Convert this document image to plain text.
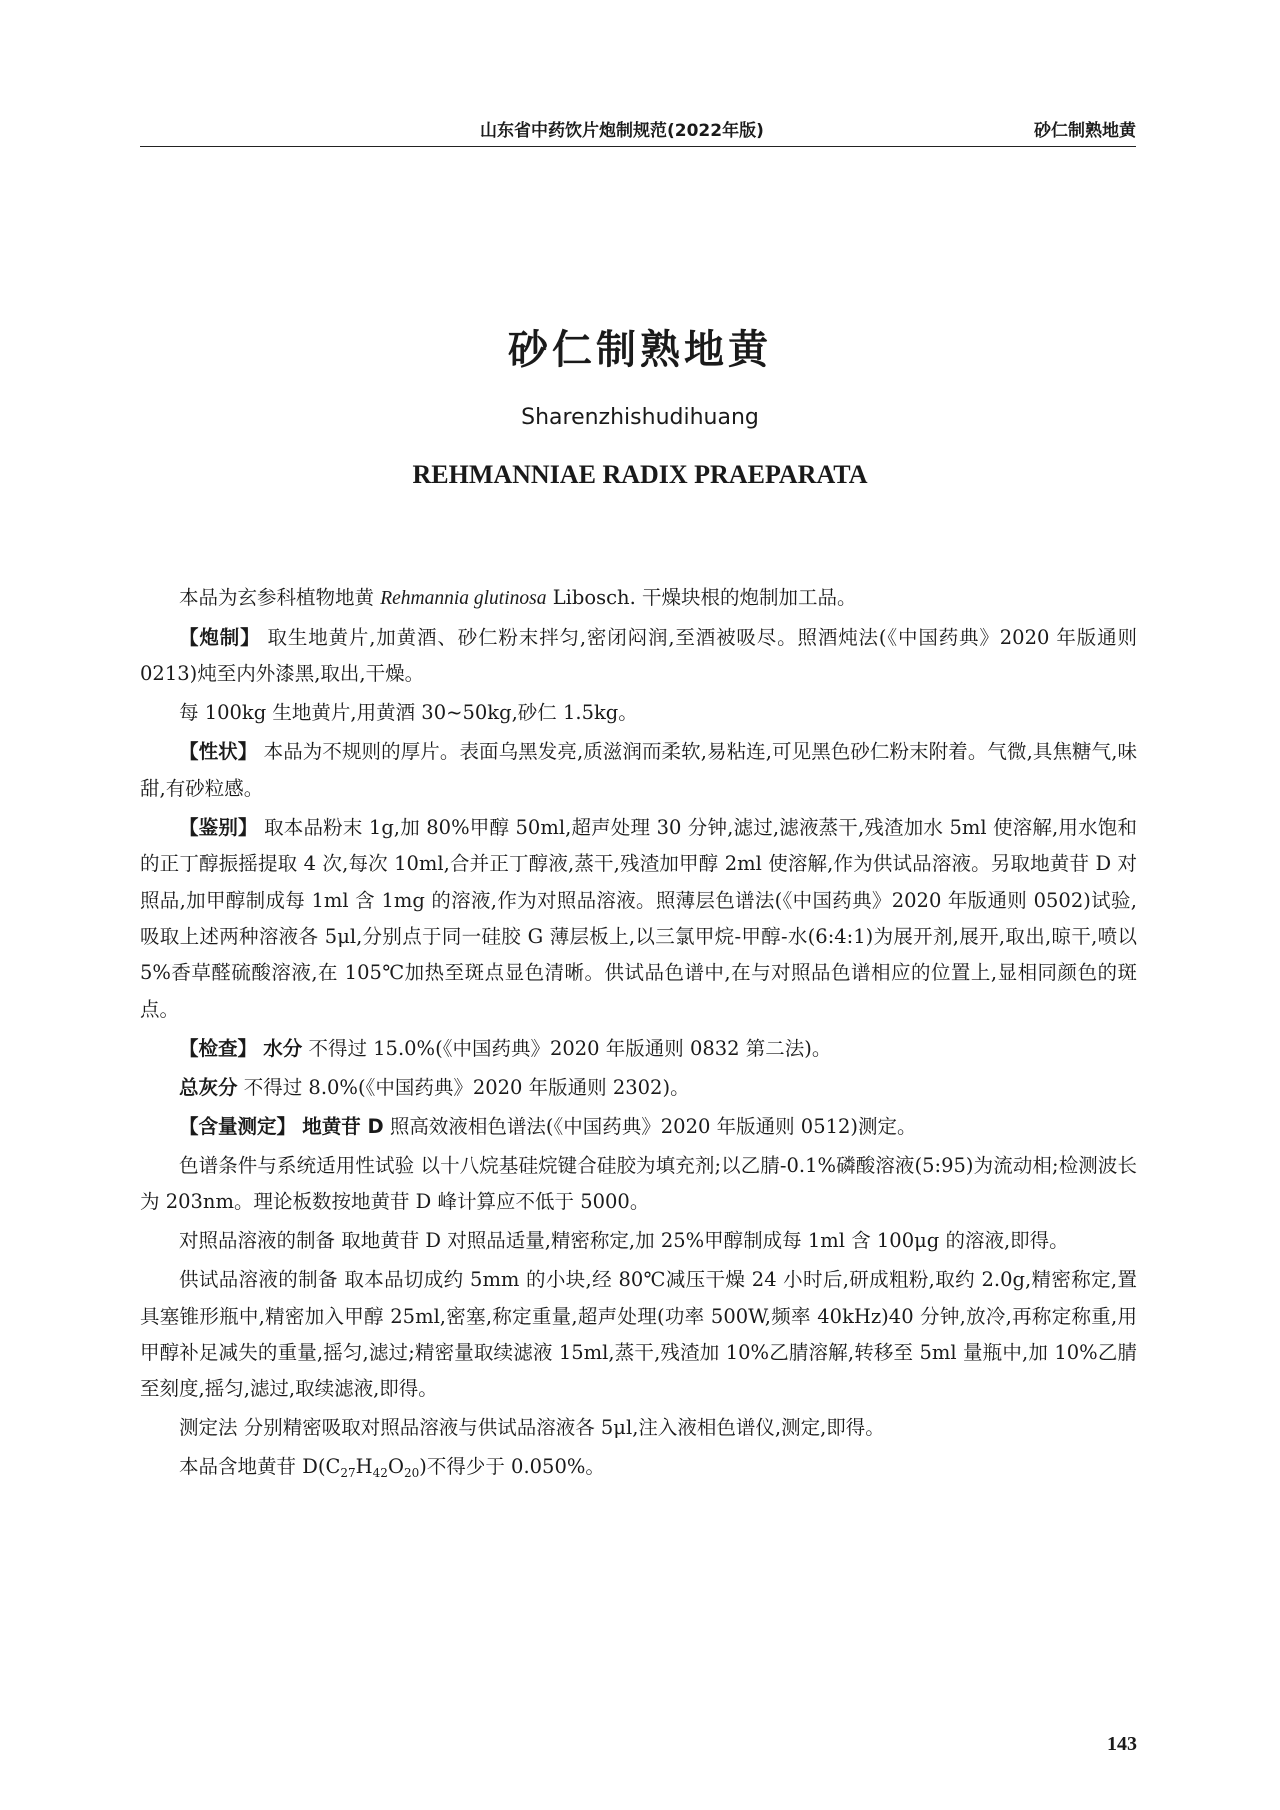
山东省中药饮片炮制规范(2022年版)	砂仁制熟地黄
砂仁制熟地黄
Sharenzhishudihuang
REHMANNIAE RADIX PRAEPARATA

本品为玄参科植物地黄 Rehmannia glutinosa Libosch. 干燥块根的炮制加工品。

【炮制】 取生地黄片,加黄酒、砂仁粉末拌匀,密闭闷润,至酒被吸尽。照酒炖法(《中国药典》2020 年版通则 0213)炖至内外漆黑,取出,干燥。

每 100kg 生地黄片,用黄酒 30~50kg,砂仁 1.5kg。

【性状】 本品为不规则的厚片。表面乌黑发亮,质滋润而柔软,易粘连,可见黑色砂仁粉末附着。气微,具焦糖气,味甜,有砂粒感。

【鉴别】 取本品粉末 1g,加 80%甲醇 50ml,超声处理 30 分钟,滤过,滤液蒸干,残渣加水 5ml 使溶解,用水饱和的正丁醇振摇提取 4 次,每次 10ml,合并正丁醇液,蒸干,残渣加甲醇 2ml 使溶解,作为供试品溶液。另取地黄苷 D 对照品,加甲醇制成每 1ml 含 1mg 的溶液,作为对照品溶液。照薄层色谱法(《中国药典》2020 年版通则 0502)试验,吸取上述两种溶液各 5μl,分别点于同一硅胶 G 薄层板上,以三氯甲烷-甲醇-水(6:4:1)为展开剂,展开,取出,晾干,喷以 5%香草醛硫酸溶液,在 105℃加热至斑点显色清晰。供试品色谱中,在与对照品色谱相应的位置上,显相同颜色的斑点。

【检查】 水分 不得过 15.0%(《中国药典》2020 年版通则 0832 第二法)。

总灰分 不得过 8.0%(《中国药典》2020 年版通则 2302)。

【含量测定】 地黄苷 D 照高效液相色谱法(《中国药典》2020 年版通则 0512)测定。

色谱条件与系统适用性试验 以十八烷基硅烷键合硅胶为填充剂;以乙腈-0.1%磷酸溶液(5:95)为流动相;检测波长为 203nm。理论板数按地黄苷 D 峰计算应不低于 5000。

对照品溶液的制备 取地黄苷 D 对照品适量,精密称定,加 25%甲醇制成每 1ml 含 100μg 的溶液,即得。

供试品溶液的制备 取本品切成约 5mm 的小块,经 80℃减压干燥 24 小时后,研成粗粉,取约 2.0g,精密称定,置具塞锥形瓶中,精密加入甲醇 25ml,密塞,称定重量,超声处理(功率 500W,频率 40kHz)40 分钟,放冷,再称定称重,用甲醇补足减失的重量,摇匀,滤过;精密量取续滤液 15ml,蒸干,残渣加 10%乙腈溶解,转移至 5ml 量瓶中,加 10%乙腈至刻度,摇匀,滤过,取续滤液,即得。

测定法 分别精密吸取对照品溶液与供试品溶液各 5μl,注入液相色谱仪,测定,即得。

本品含地黄苷 $D(C_{27}H_{42}O_{20})$不得少于 0.050%。

143
